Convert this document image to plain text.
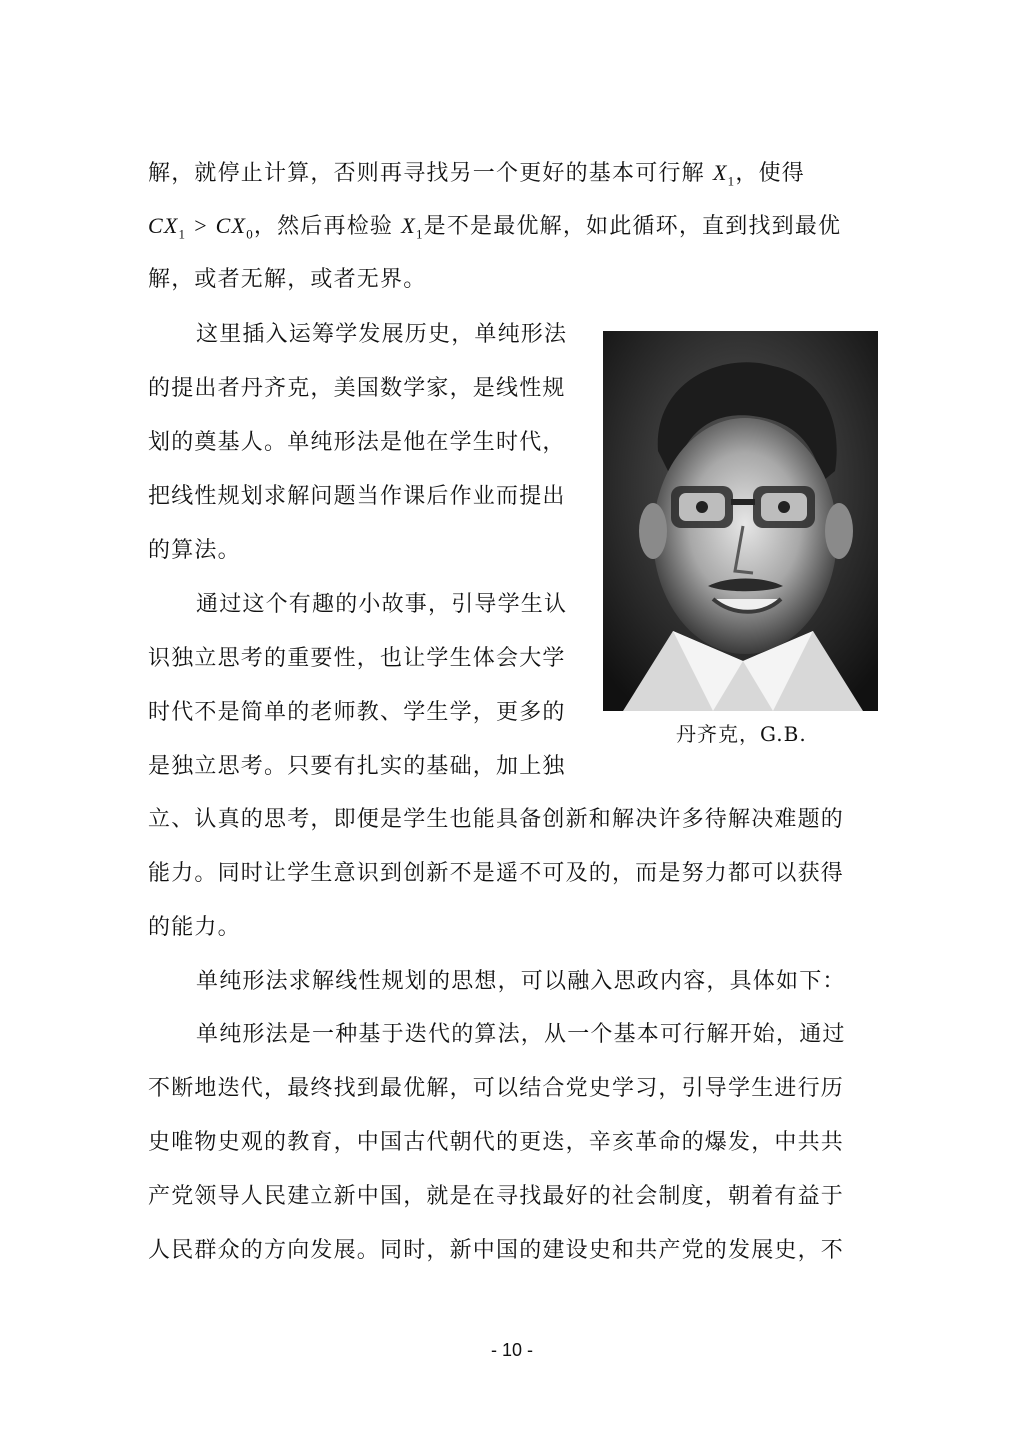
解，就停止计算，否则再寻找另一个更好的基本可行解 $X_1$，使得
$CX_1 > CX_0$，然后再检验 $X_1$是不是最优解，如此循环，直到找到最优
解，或者无解，或者无界。
这里插入运筹学发展历史，单纯形法
的提出者丹齐克，美国数学家，是线性规
划的奠基人。单纯形法是他在学生时代，
把线性规划求解问题当作课后作业而提出
的算法。
通过这个有趣的小故事，引导学生认
识独立思考的重要性，也让学生体会大学
时代不是简单的老师教、学生学，更多的
是独立思考。只要有扎实的基础，加上独
立、认真的思考，即便是学生也能具备创新和解决许多待解决难题的
能力。同时让学生意识到创新不是遥不可及的，而是努力都可以获得
的能力。
单纯形法求解线性规划的思想，可以融入思政内容，具体如下：
单纯形法是一种基于迭代的算法，从一个基本可行解开始，通过
不断地迭代，最终找到最优解，可以结合党史学习，引导学生进行历
史唯物史观的教育，中国古代朝代的更迭，辛亥革命的爆发，中共共
产党领导人民建立新中国，就是在寻找最好的社会制度，朝着有益于
人民群众的方向发展。同时，新中国的建设史和共产党的发展史，不
丹齐克，G.B.
- 10 -
